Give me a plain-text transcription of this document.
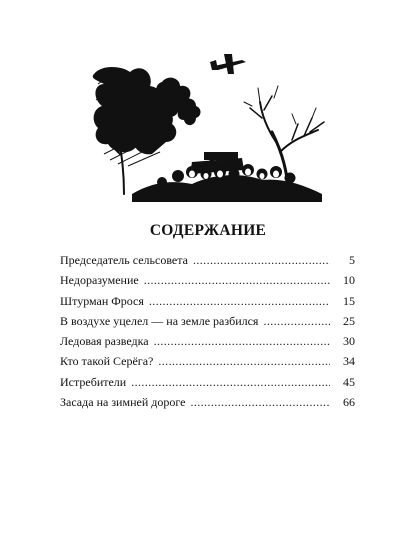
СОДЕРЖАНИЕ
Председатель сельсовета . . .	5
Недоразумение . . .	10
Штурман Фрося . . .	15
В воздухе уцелел — на земле разбился . . .	25
Ледовая разведка . . .	30
Кто такой Серёга? . . .	34
Истребители . . .	45
Засада на зимней дороге . . .	66
